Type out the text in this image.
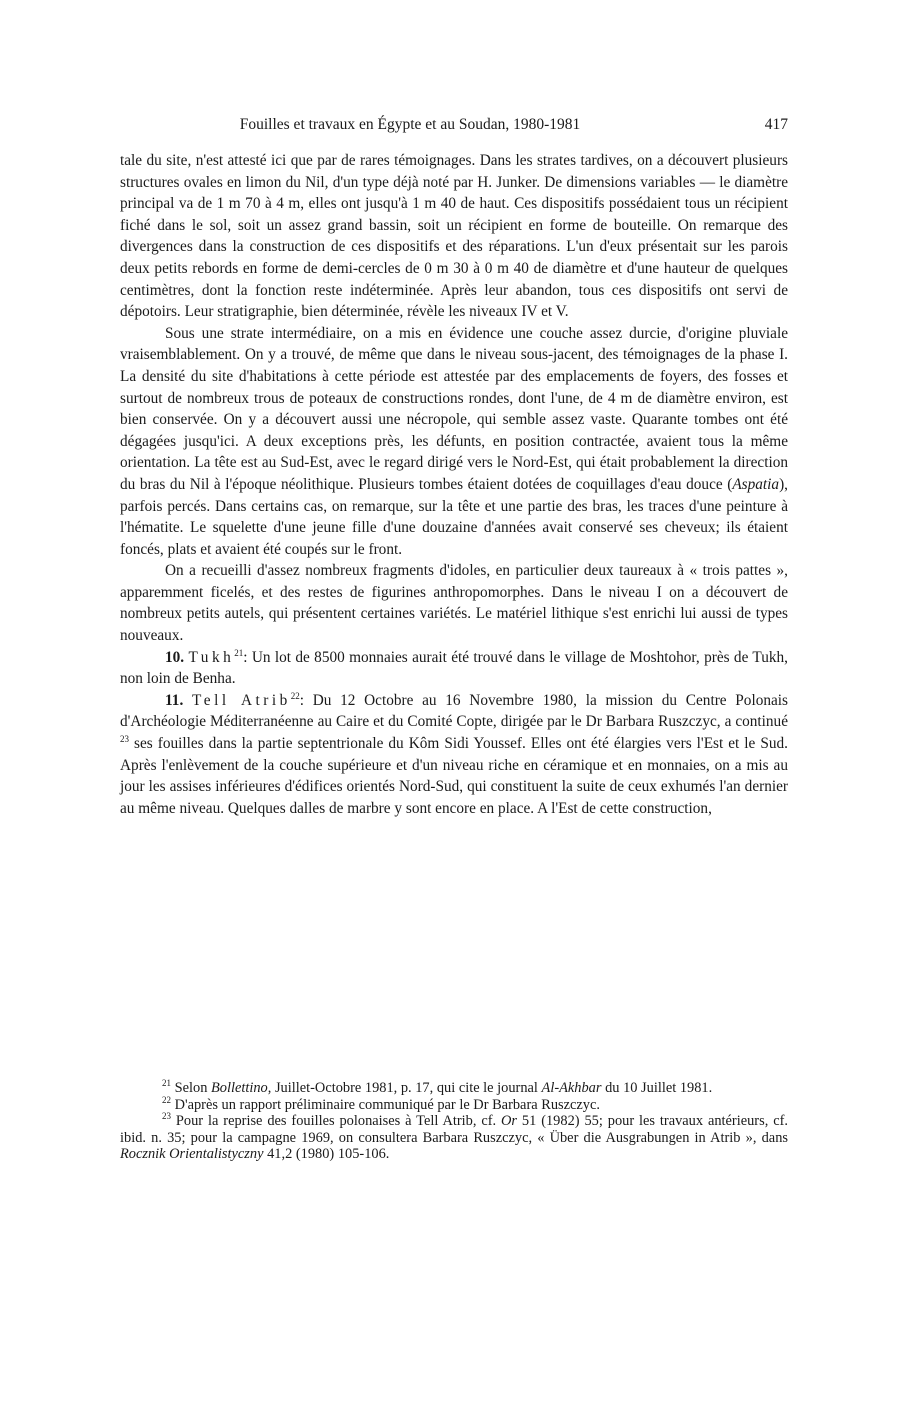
Fouilles et travaux en Égypte et au Soudan, 1980-1981	417

tale du site, n'est attesté ici que par de rares témoignages. Dans les strates tardives, on a découvert plusieurs structures ovales en limon du Nil, d'un type déjà noté par H. Junker. De dimensions variables — le diamètre principal va de 1 m 70 à 4 m, elles ont jusqu'à 1 m 40 de haut. Ces dispositifs possédaient tous un récipient fiché dans le sol, soit un assez grand bassin, soit un récipient en forme de bouteille. On remarque des divergences dans la construction de ces dispositifs et des réparations. L'un d'eux présentait sur les parois deux petits rebords en forme de demi-cercles de 0 m 30 à 0 m 40 de diamètre et d'une hauteur de quelques centimètres, dont la fonction reste indéterminée. Après leur abandon, tous ces dispositifs ont servi de dépotoirs. Leur stratigraphie, bien déterminée, révèle les niveaux IV et V.

Sous une strate intermédiaire, on a mis en évidence une couche assez durcie, d'origine pluviale vraisemblablement. On y a trouvé, de même que dans le niveau sous-jacent, des témoignages de la phase I. La densité du site d'habitations à cette période est attestée par des emplacements de foyers, des fosses et surtout de nombreux trous de poteaux de constructions rondes, dont l'une, de 4 m de diamètre environ, est bien conservée. On y a découvert aussi une nécropole, qui semble assez vaste. Quarante tombes ont été dégagées jusqu'ici. A deux exceptions près, les défunts, en position contractée, avaient tous la même orientation. La tête est au Sud-Est, avec le regard dirigé vers le Nord-Est, qui était probablement la direction du bras du Nil à l'époque néolithique. Plusieurs tombes étaient dotées de coquillages d'eau douce (Aspatia), parfois percés. Dans certains cas, on remarque, sur la tête et une partie des bras, les traces d'une peinture à l'hématite. Le squelette d'une jeune fille d'une douzaine d'années avait conservé ses cheveux; ils étaient foncés, plats et avaient été coupés sur le front.

On a recueilli d'assez nombreux fragments d'idoles, en particulier deux taureaux à « trois pattes », apparemment ficelés, et des restes de figurines anthropomorphes. Dans le niveau I on a découvert de nombreux petits autels, qui présentent certaines variétés. Le matériel lithique s'est enrichi lui aussi de types nouveaux.

10. Tukh$^{21}$: Un lot de 8500 monnaies aurait été trouvé dans le village de Moshtohor, près de Tukh, non loin de Benha.

11. Tell Atrib$^{22}$: Du 12 Octobre au 16 Novembre 1980, la mission du Centre Polonais d'Archéologie Méditerranéenne au Caire et du Comité Copte, dirigée par le Dr Barbara Ruszczyc, a continué $^{23}$ ses fouilles dans la partie septentrionale du Kôm Sidi Youssef. Elles ont été élargies vers l'Est et le Sud. Après l'enlèvement de la couche supérieure et d'un niveau riche en céramique et en monnaies, on a mis au jour les assises inférieures d'édifices orientés Nord-Sud, qui constituent la suite de ceux exhumés l'an dernier au même niveau. Quelques dalles de marbre y sont encore en place. A l'Est de cette construction,

$^{21}$ Selon Bollettino, Juillet-Octobre 1981, p. 17, qui cite le journal Al-Akhbar du 10 Juillet 1981.

$^{22}$ D'après un rapport préliminaire communiqué par le Dr Barbara Ruszczyc.

$^{23}$ Pour la reprise des fouilles polonaises à Tell Atrib, cf. Or 51 (1982) 55; pour les travaux antérieurs, cf. ibid. n. 35; pour la campagne 1969, on consultera Barbara Ruszczyc, « Über die Ausgrabungen in Atrib », dans Rocznik Orientalistyczny 41,2 (1980) 105-106.
